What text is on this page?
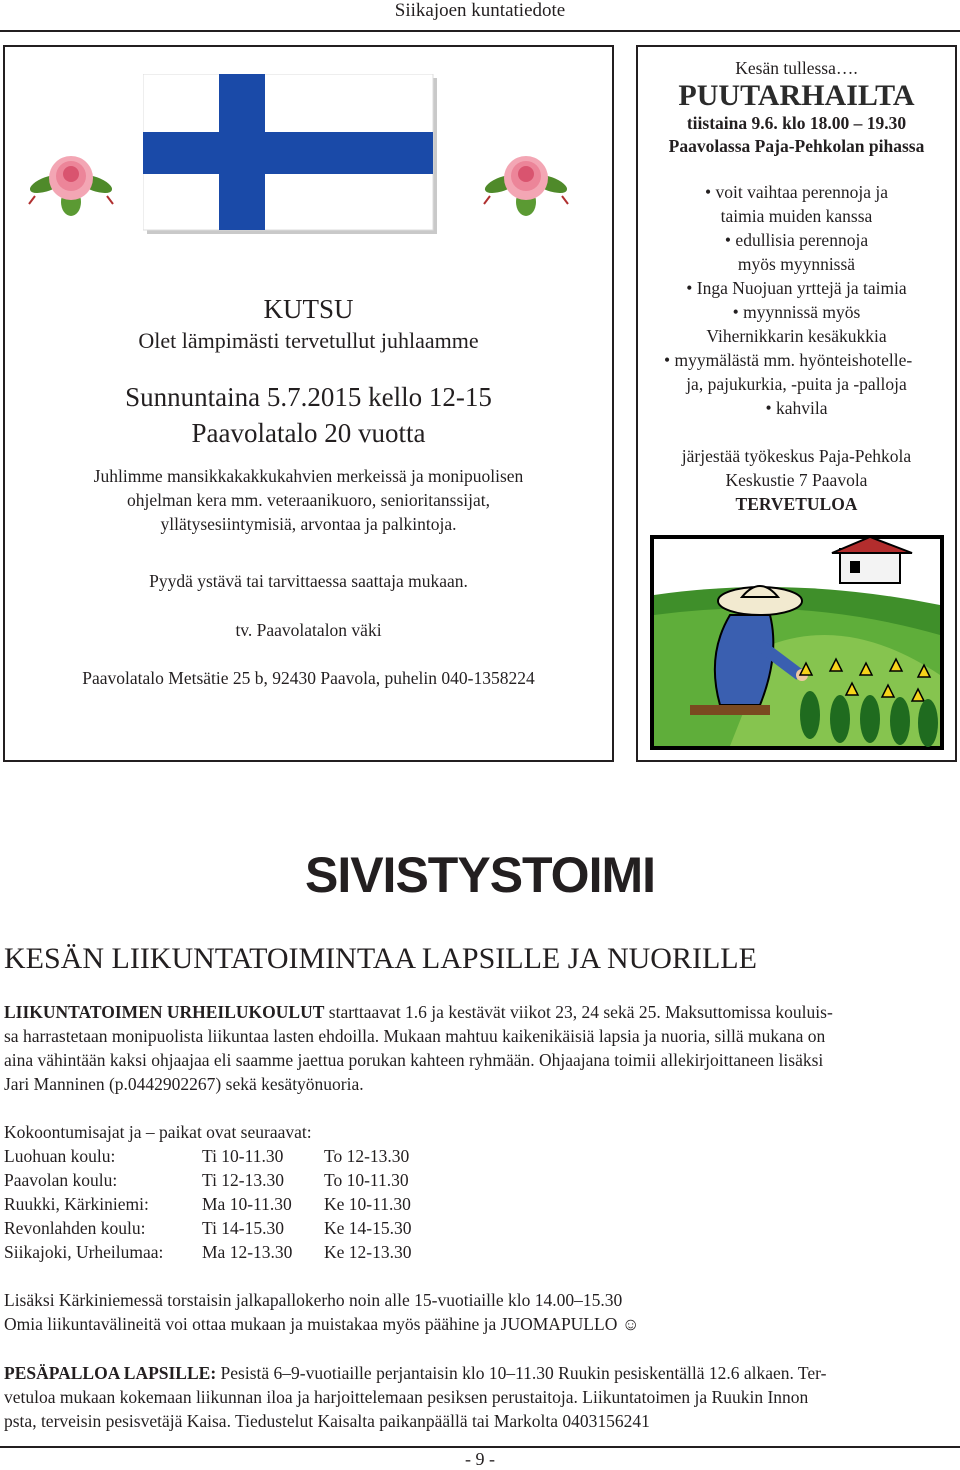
Siikajoen kuntatiedote
KUTSU
Olet lämpimästi tervetullut juhlaamme
Sunnuntaina 5.7.2015 kello 12-15
Paavolatalo 20 vuotta
Juhlimme mansikkakakkukahvien merkeissä ja monipuolisen
ohjelman kera mm. veteraanikuoro, senioritanssijat,
yllätysesiintymisiä, arvontaa ja palkintoja.
Pyydä ystävä tai tarvittaessa saattaja mukaan.
tv. Paavolatalon väki
Paavolatalo Metsätie 25 b, 92430 Paavola, puhelin 040-1358224
Kesän tullessa….
PUUTARHAILTA
tiistaina 9.6. klo 18.00 – 19.30
Paavolassa Paja-Pehkolan pihassa
• voit vaihtaa perennoja ja
taimia muiden kanssa
• edullisia perennoja
myös myynnissä
• Inga Nuojuan yrttejä ja taimia
• myynnissä myös
Vihernikkarin kesäkukkia
• myymälästä mm. hyönteishotelle-
ja, pajukurkia, -puita ja -palloja
• kahvila
järjestää työkeskus Paja-Pehkola
Keskustie 7 Paavola
TERVETULOA
SIVISTYSTOIMI
KESÄN LIIKUNTATOIMINTAA LAPSILLE JA NUORILLE
LIIKUNTATOIMEN URHEILUKOULUT starttaavat 1.6 ja kestävät viikot 23, 24 sekä 25. Maksuttomissa kouluis-
sa harrastetaan monipuolista liikuntaa lasten ehdoilla. Mukaan mahtuu kaikenikäisiä lapsia ja nuoria, sillä mukana on
aina vähintään kaksi ohjaajaa eli saamme jaettua porukan kahteen ryhmään. Ohjaajana toimii allekirjoittaneen lisäksi
Jari Manninen (p.0442902267) sekä kesätyönuoria.
Kokoontumisajat ja – paikat ovat seuraavat:
Luohuan koulu:	Ti 10-11.30	To 12-13.30
Paavolan koulu:	Ti 12-13.30	To 10-11.30
Ruukki, Kärkiniemi:	Ma 10-11.30	Ke 10-11.30
Revonlahden koulu:	Ti 14-15.30	Ke 14-15.30
Siikajoki, Urheilumaa:	Ma 12-13.30	Ke 12-13.30
Lisäksi Kärkiniemessä torstaisin jalkapallokerho noin alle 15-vuotiaille klo 14.00–15.30
Omia liikuntavälineitä voi ottaa mukaan ja muistakaa myös päähine ja JUOMAPULLO ☺
PESÄPALLOA LAPSILLE: Pesistä 6–9-vuotiaille perjantaisin klo 10–11.30 Ruukin pesiskentällä 12.6 alkaen. Ter-
vetuloa mukaan kokemaan liikunnan iloa ja harjoittelemaan pesiksen perustaitoja. Liikuntatoimen ja Ruukin Innon
psta, terveisin pesisvetäjä Kaisa. Tiedustelut Kaisalta paikanpäällä tai Markolta 0403156241
- 9 -
